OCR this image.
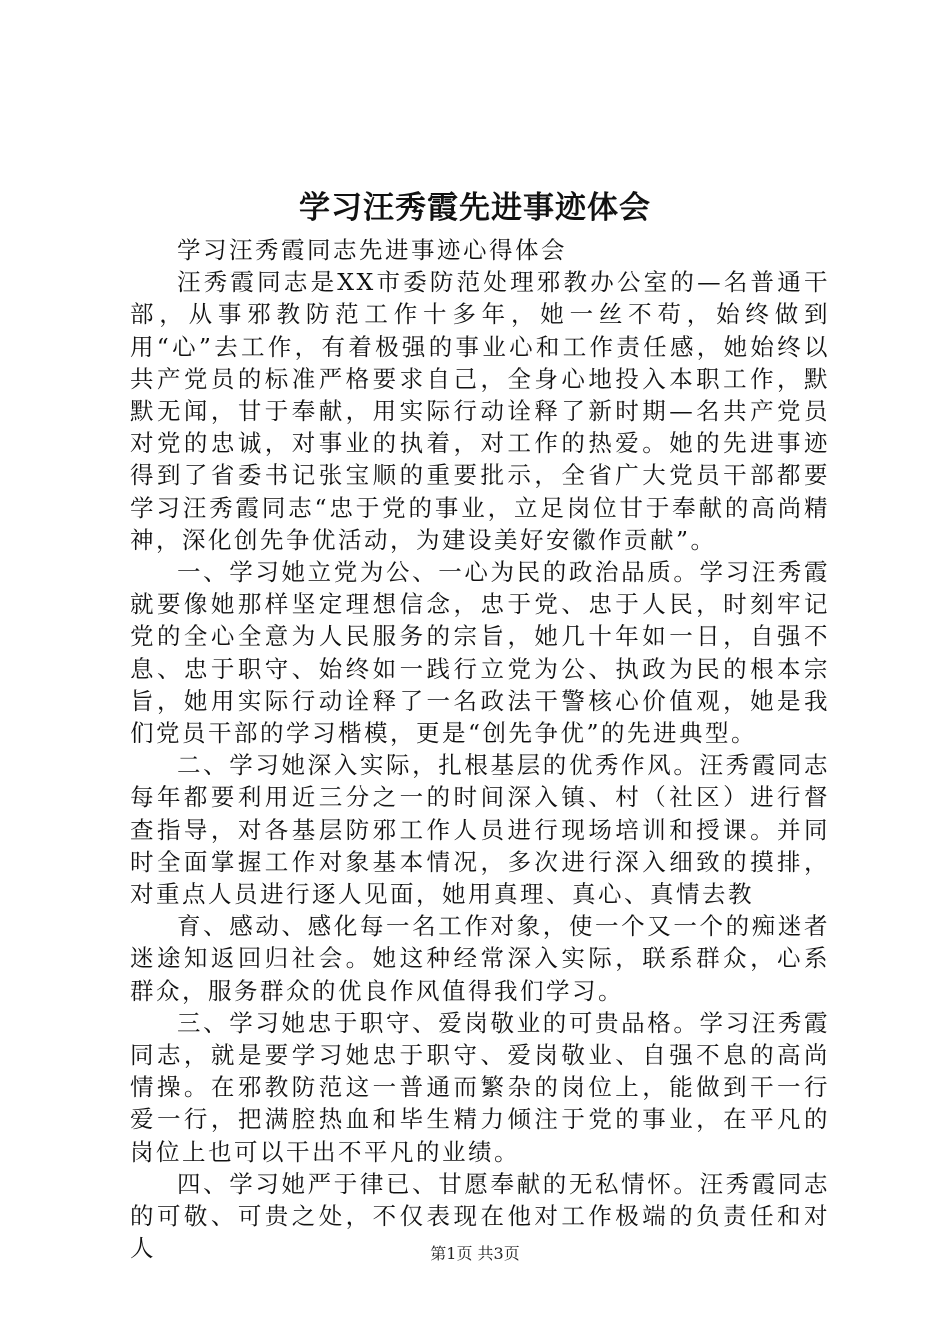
学习汪秀霞先进事迹体会

学习汪秀霞同志先进事迹心得体会

汪秀霞同志是XX市委防范处理邪教办公室的—名普通干部，从事邪教防范工作十多年，她一丝不苟，始终做到用“心”去工作，有着极强的事业心和工作责任感，她始终以共产党员的标准严格要求自己，全身心地投入本职工作，默默无闻，甘于奉献，用实际行动诠释了新时期—名共产党员对党的忠诚，对事业的执着，对工作的热爱。她的先进事迹得到了省委书记张宝顺的重要批示，全省广大党员干部都要学习汪秀霞同志“忠于党的事业，立足岗位甘于奉献的高尚精神，深化创先争优活动，为建设美好安徽作贡献”。

一、学习她立党为公、一心为民的政治品质。学习汪秀霞就要像她那样坚定理想信念，忠于党、忠于人民，时刻牢记党的全心全意为人民服务的宗旨，她几十年如一日，自强不息、忠于职守、始终如一践行立党为公、执政为民的根本宗旨，她用实际行动诠释了一名政法干警核心价值观，她是我们党员干部的学习楷模，更是“创先争优”的先进典型。

二、学习她深入实际，扎根基层的优秀作风。汪秀霞同志每年都要利用近三分之一的时间深入镇、村（社区）进行督查指导，对各基层防邪工作人员进行现场培训和授课。并同时全面掌握工作对象基本情况，多次进行深入细致的摸排，对重点人员进行逐人见面，她用真理、真心、真情去教

育、感动、感化每一名工作对象，使一个又一个的痴迷者迷途知返回归社会。她这种经常深入实际，联系群众，心系群众，服务群众的优良作风值得我们学习。

三、学习她忠于职守、爱岗敬业的可贵品格。学习汪秀霞同志，就是要学习她忠于职守、爱岗敬业、自强不息的高尚情操。在邪教防范这一普通而繁杂的岗位上，能做到干一行爱一行，把满腔热血和毕生精力倾注于党的事业，在平凡的岗位上也可以干出不平凡的业绩。

四、学习她严于律已、甘愿奉献的无私情怀。汪秀霞同志的可敬、可贵之处，不仅表现在他对工作极端的负责任和对人	第1页 共3页
